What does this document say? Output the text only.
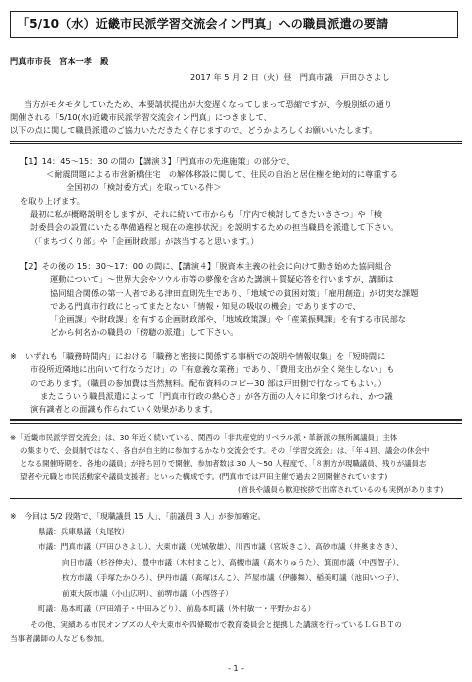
「5/10（水）近畿市民派学習交流会イン門真」への職員派遣の要請
門真市市長　宮本一孝　殿
2017 年 5 月 2 日（火）昼　門真市議　戸田ひさよし
当方がモタモタしていたため、本要請状提出が大変遅くなってしまって恐縮ですが、今般別紙の通り
開催される「5/10(水)近畿市民派学習交流会イン門真」につきまして、
以下の点に関して職員派遣のご協力いただきたく存じますので、どうかよろしくお願いいたします。
【1】14：45～15：30 の間の【講演３】「門真市の先進施策」の部分で、
＜耐震問題による市営新橋住宅　の解体移設に関して、住民の自治と居住権を絶対的に尊重する
全国初の「検討委方式」を取っている件＞
を取り上げます。
最初に私が概略説明をしますが、それに続いて市からも「庁内で検討してきたいきさつ」や「検
討委員会の設置にいたる準備過程と現在の進捗状況」を説明するための担当職員を派遣して下さい。
（「まちづくり部」や「企画財政部」が該当すると思います。）
【2】その後の 15：30～17：00 の間に、【講演４】「脱資本主義の社会に向けて動き始めた協同組合
運動について」～世界大会やソウル市等の夢像を含めた講演＋質疑応答を行いますが、講師は
協同組合関係の第一人者である津田直則先生であり、「地域での貧困対策」「雇用創造」が切実な課題
である門真市行政にとってまたとない「情報・知見の吸収の機会」でありますので、
「企画課」や財政課」を有する企画財政部や、「地域政策課」や「産業振興課」を有する市民部な
どから何名かの職員の「傍聴の派遣」して下さい。
※　いずれも「職務時間内」における「職務と密接に関係する事柄での説明や情報収集」を「短時間に
市役所近隣地に出向いて行なうだけ」の「有意義な業務」であり、「費用支出が全く発生しない」も
のであります。（職員の参加費は当然無料。配布資料のコピー30 部は戸田側で行なってもよい。）
またこういう職員派遣によって「門真市行政の熱心さ」が各方面の人々に印象づけられ、かつ議
演有識者との面識も作られていく効果があります。
※「近畿市民派学習交流会」は、30 年近く続いている、関西の「非共産党的リベラル派・革新派の無所属議員」主体
の集まりで、会員制ではなく、各自が自主的に参加するかなり交流会です。その「学習交流会」は、「年４回、議会の休会中
となる開催時期を、各地の議員」が持ち回りで開催、参加者数は 30 人～50 人程度で、「８割方が現職議員、残りが議員志
望者や元職と市民活動家や議員支援者」といった構成です。(門真市では戸田主催で過去２回開催されています)
(首長や議員ら歓迎挨拶で出席されているのも実例があります)
※　今回は 5/2 段階で、「現職議員 15 人」、「前議員 3 人」が参加確定。
県議：兵庫県議（丸尾牧）
市議：門真市議（戸田ひさよし）、大東市議（光城敬雄）、川西市議（宮坂きこ）、高砂市議（井奥まさき）、
向日市議（杉谷伸夫）、豊中市議（木村まこと）、高槻市議（髙木りゅうた）、箕面市議（中西智子）、
枚方市議（手塚たかひろ）、伊丹市議（髙塚ほんこ）、芦屋市議（伊藤舞）、稲美町議（池田いつ子）、
前東大阪市議（小山広明）、前堺市議（小西啓子）
町議：島本町議（戸田靖子・中田みどり）、前島本町議（外村敏一・平野かおる）
その他、実績ある市民オンブズの人や大東市や四條畷市で教育委員会と提携した講演を行っているＬＧＢＴの
当事者講師の人なども参加。
- 1 -
